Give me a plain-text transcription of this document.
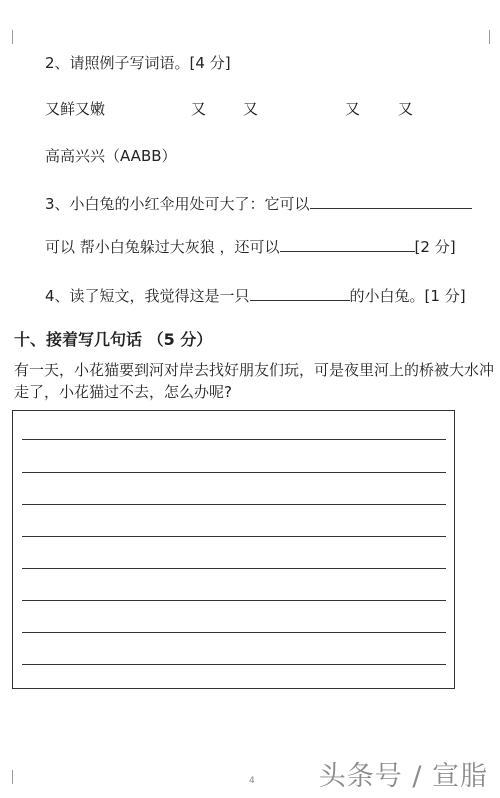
2、请照例子写词语。[4 分]
又鲜又嫩	又 又	又	又
高高兴兴（AABB）
3、小白兔的小红伞用处可大了：它可以
可以 帮小白兔躲过大灰狼 ，还可以	[2 分]
4、读了短文，我觉得这是一只	的小白兔。[1 分]
十、接着写几句话 （5 分）
有一天，小花猫要到河对岸去找好朋友们玩，可是夜里河上的桥被大水冲
走了，小花猫过不去，怎么办呢?
4 头条号 / 宣脂
